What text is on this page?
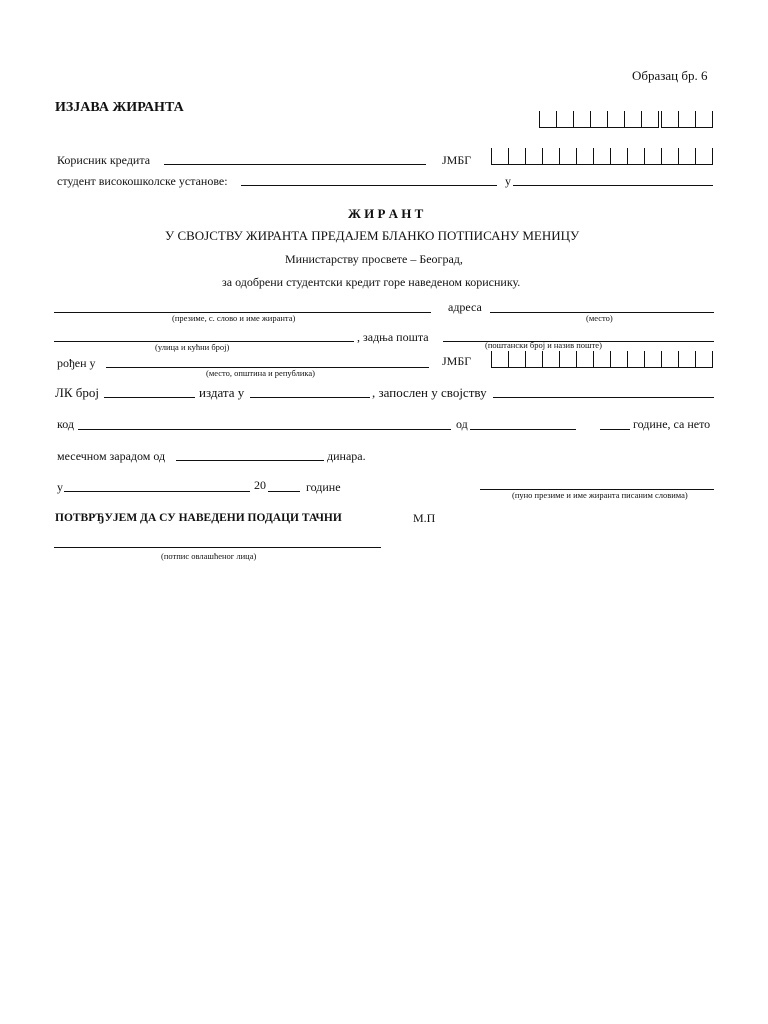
Образац бр. 6
ИЗЈАВА ЖИРАНТА
Корисник кредита	ЈМБГ
студент високошколске установе:	у
Ж И Р А Н Т
У СВОЈСТВУ ЖИРАНТА ПРЕДАЈЕМ БЛАНКО ПОТПИСАНУ МЕНИЦУ
Министарству просвете – Београд,
за одобрени студентски кредит горе наведеном кориснику.
адреса
(презиме, с. слово и име жиранта)	(место)
, задња пошта
(улица и кућни број)	(поштански број и назив поште)
рођен у	ЈМБГ
(место, општина и република)
ЛК број	издата у	, запослен у својству
код	од	године, са нето
месечном зарадом од	динара.
у	20	године
(пуно презиме и име жиранта писаним словима)
ПОТВРЂУЈЕМ ДА СУ НАВЕДЕНИ ПОДАЦИ ТАЧНИ	М.П
(потпис овлашћеног лица)
